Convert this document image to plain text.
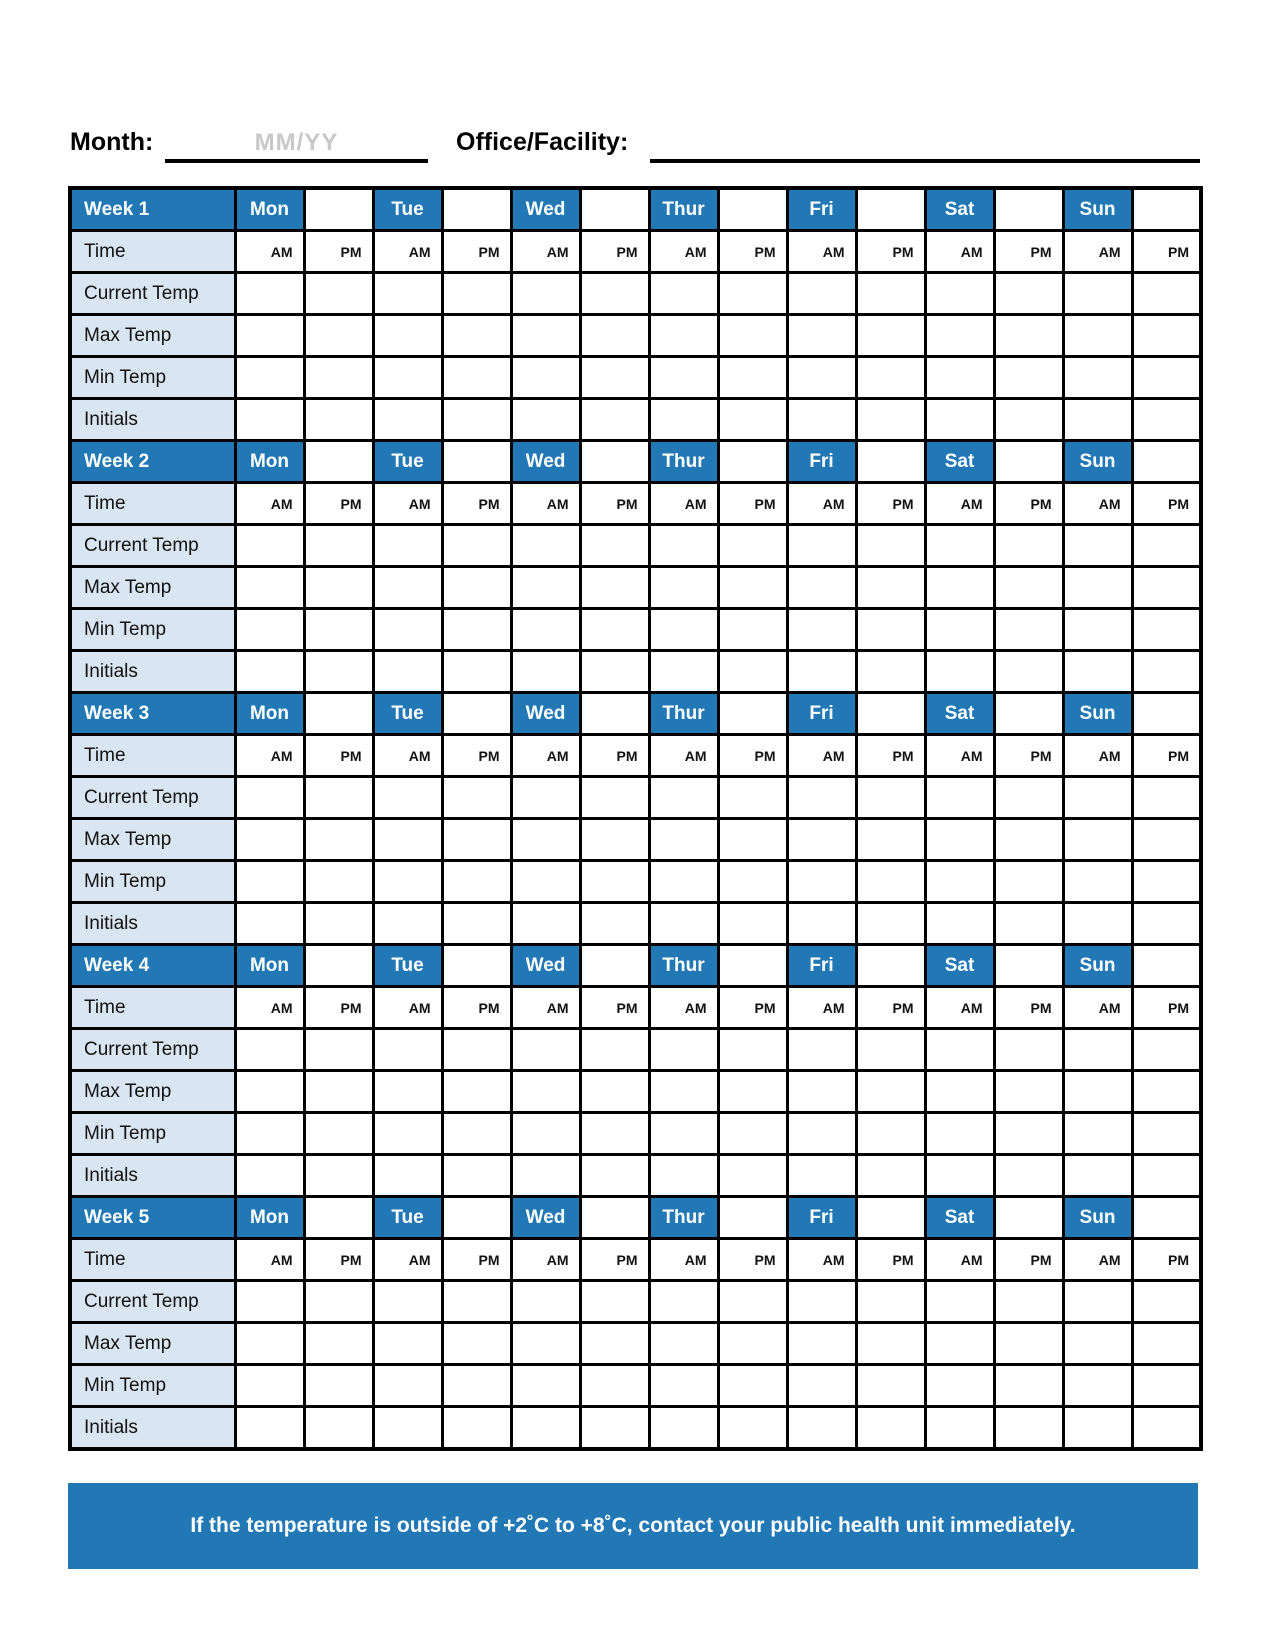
Month:	MM/YY	Office/Facility:
Week 1	Mon		Tue		Wed		Thur		Fri		Sat		Sun	
Time	AM	PM	AM	PM	AM	PM	AM	PM	AM	PM	AM	PM	AM	PM
Current Temp														
Max Temp														
Min Temp														
Initials														
Week 2	Mon		Tue		Wed		Thur		Fri		Sat		Sun	
Time	AM	PM	AM	PM	AM	PM	AM	PM	AM	PM	AM	PM	AM	PM
Current Temp														
Max Temp														
Min Temp														
Initials														
Week 3	Mon		Tue		Wed		Thur		Fri		Sat		Sun	
Time	AM	PM	AM	PM	AM	PM	AM	PM	AM	PM	AM	PM	AM	PM
Current Temp														
Max Temp														
Min Temp														
Initials														
Week 4	Mon		Tue		Wed		Thur		Fri		Sat		Sun	
Time	AM	PM	AM	PM	AM	PM	AM	PM	AM	PM	AM	PM	AM	PM
Current Temp														
Max Temp														
Min Temp														
Initials														
Week 5	Mon		Tue		Wed		Thur		Fri		Sat		Sun	
Time	AM	PM	AM	PM	AM	PM	AM	PM	AM	PM	AM	PM	AM	PM
Current Temp														
Max Temp														
Min Temp														
Initials														
If the temperature is outside of +2˚C to +8˚C, contact your public health unit immediately.
